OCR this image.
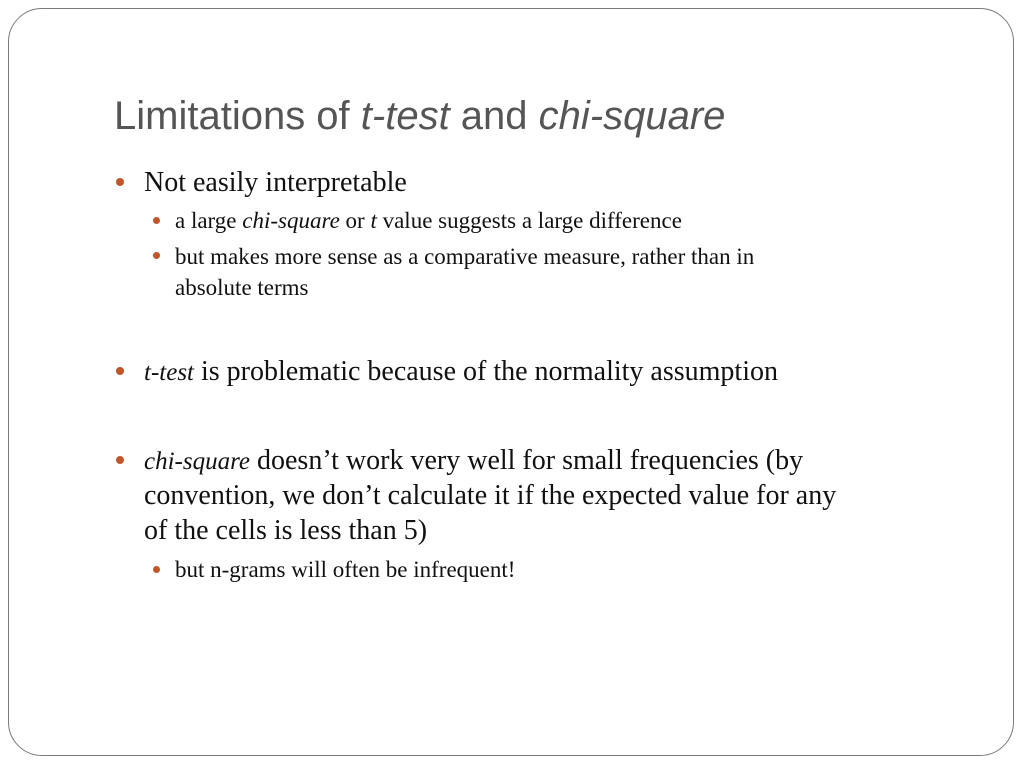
Limitations of t-test and chi-square
Not easily interpretable
a large chi-square or t value suggests a large difference
but makes more sense as a comparative measure, rather than in
absolute terms
t-test is problematic because of the normality assumption
chi-square doesn’t work very well for small frequencies (by
convention, we don’t calculate it if the expected value for any
of the cells is less than 5)
but n-grams will often be infrequent!
